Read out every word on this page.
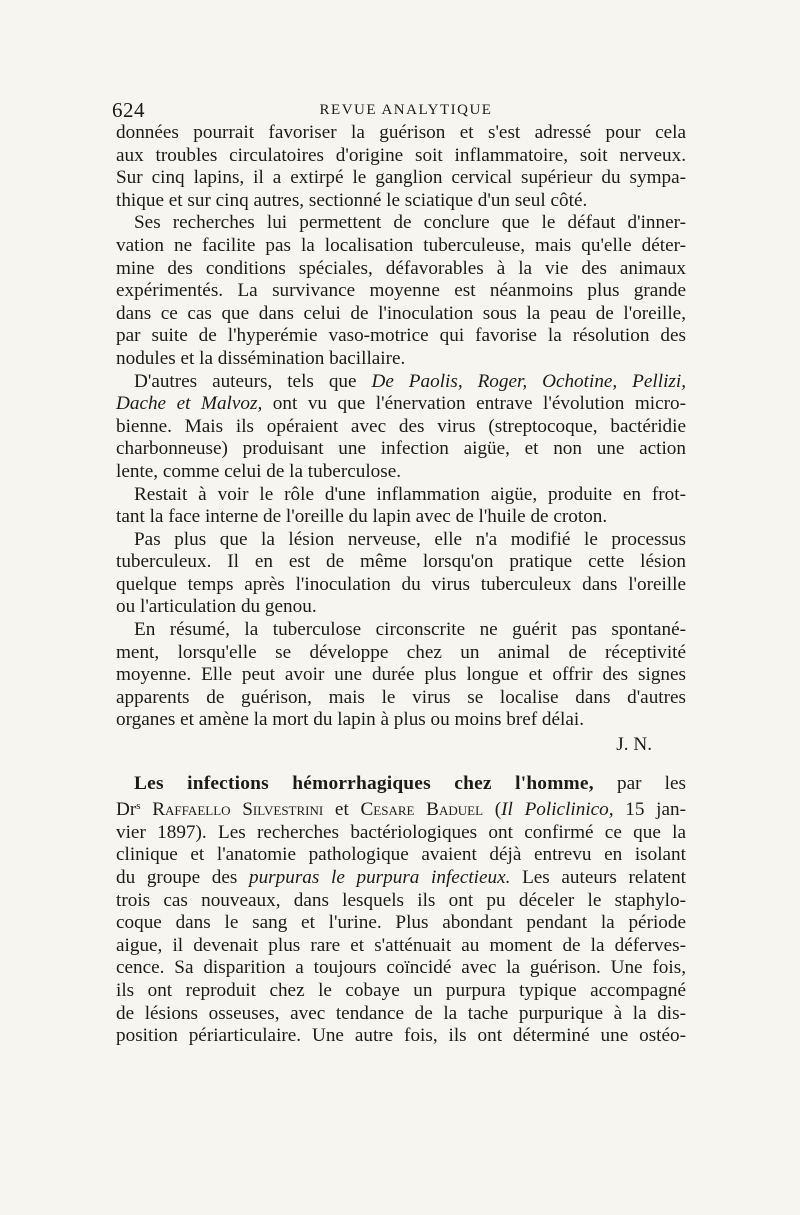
624	REVUE ANALYTIQUE
données pourrait favoriser la guérison et s'est adressé pour cela
aux troubles circulatoires d'origine soit inflammatoire, soit nerveux.
Sur cinq lapins, il a extirpé le ganglion cervical supérieur du sympa-
thique et sur cinq autres, sectionné le sciatique d'un seul côté.
Ses recherches lui permettent de conclure que le défaut d'inner-
vation ne facilite pas la localisation tuberculeuse, mais qu'elle déter-
mine des conditions spéciales, défavorables à la vie des animaux
expérimentés. La survivance moyenne est néanmoins plus grande
dans ce cas que dans celui de l'inoculation sous la peau de l'oreille,
par suite de l'hyperémie vaso-motrice qui favorise la résolution des
nodules et la dissémination bacillaire.
D'autres auteurs, tels que De Paolis, Roger, Ochotine, Pellizi,
Dache et Malvoz, ont vu que l'énervation entrave l'évolution micro-
bienne. Mais ils opéraient avec des virus (streptocoque, bactéridie
charbonneuse) produisant une infection aigüe, et non une action
lente, comme celui de la tuberculose.
Restait à voir le rôle d'une inflammation aigüe, produite en frot-
tant la face interne de l'oreille du lapin avec de l'huile de croton.
Pas plus que la lésion nerveuse, elle n'a modifié le processus
tuberculeux. Il en est de même lorsqu'on pratique cette lésion
quelque temps après l'inoculation du virus tuberculeux dans l'oreille
ou l'articulation du genou.
En résumé, la tuberculose circonscrite ne guérit pas spontané-
ment, lorsqu'elle se développe chez un animal de réceptivité
moyenne. Elle peut avoir une durée plus longue et offrir des signes
apparents de guérison, mais le virus se localise dans d'autres
organes et amène la mort du lapin à plus ou moins bref délai.
J. N.
Les infections hémorrhagiques chez l'homme, par les
Dr$^s$ Raffaello Silvestrini et Cesare Baduel (Il Policlinico, 15 jan-
vier 1897). Les recherches bactériologiques ont confirmé ce que la
clinique et l'anatomie pathologique avaient déjà entrevu en isolant
du groupe des purpuras le purpura infectieux. Les auteurs relatent
trois cas nouveaux, dans lesquels ils ont pu déceler le staphylo-
coque dans le sang et l'urine. Plus abondant pendant la période
aigue, il devenait plus rare et s'atténuait au moment de la déferves-
cence. Sa disparition a toujours coïncidé avec la guérison. Une fois,
ils ont reproduit chez le cobaye un purpura typique accompagné
de lésions osseuses, avec tendance de la tache purpurique à la dis-
position périarticulaire. Une autre fois, ils ont déterminé une ostéo-
